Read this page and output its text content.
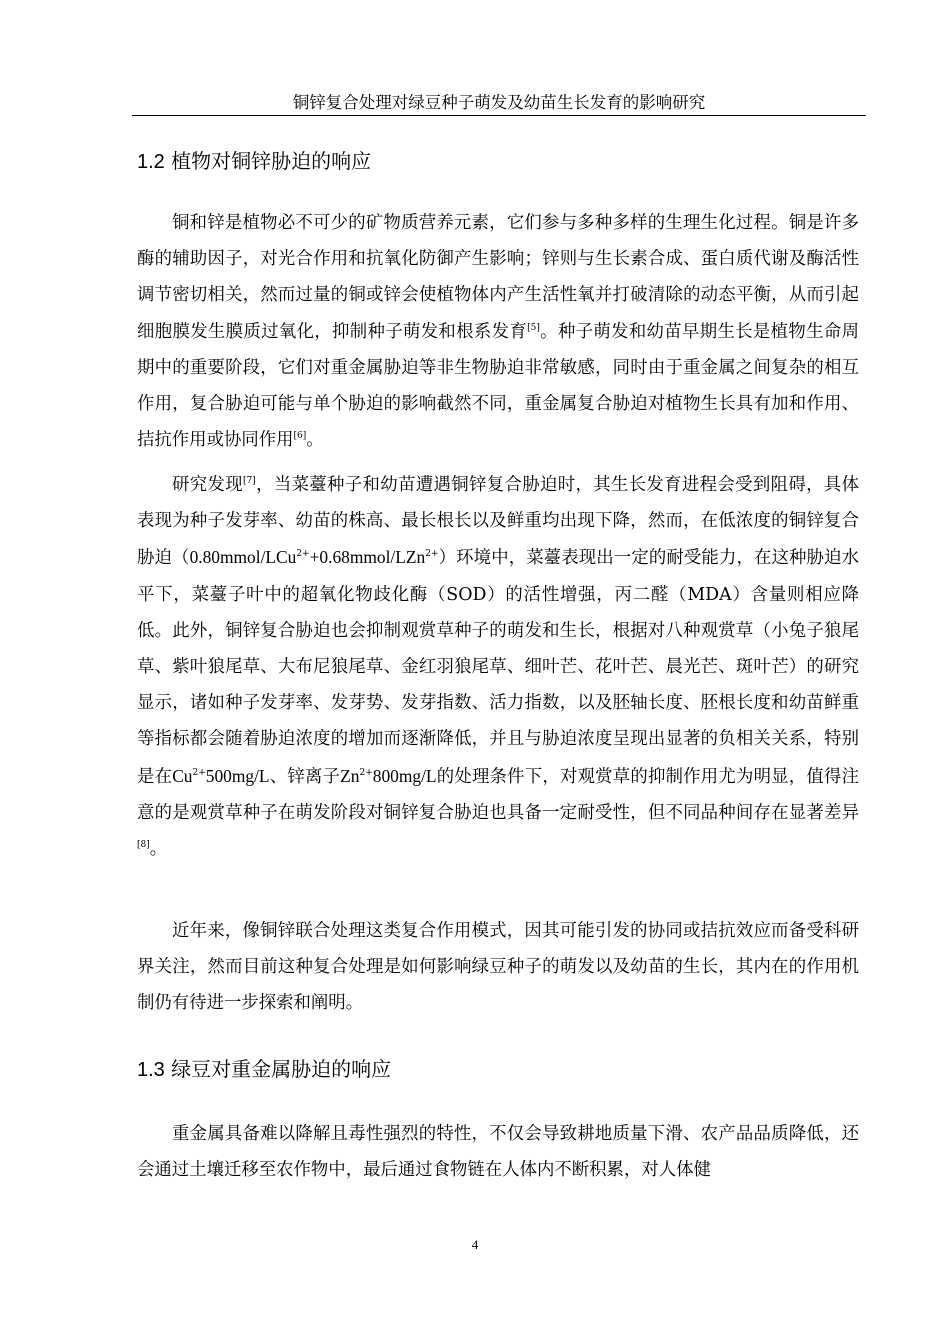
铜锌复合处理对绿豆种子萌发及幼苗生长发育的影响研究
1.2 植物对铜锌胁迫的响应

铜和锌是植物必不可少的矿物质营养元素，它们参与多种多样的生理生化过程。铜是许多酶的辅助因子，对光合作用和抗氧化防御产生影响；锌则与生长素合成、蛋白质代谢及酶活性调节密切相关，然而过量的铜或锌会使植物体内产生活性氧并打破清除的动态平衡，从而引起细胞膜发生膜质过氧化，抑制种子萌发和根系发育[5]。种子萌发和幼苗早期生长是植物生命周期中的重要阶段，它们对重金属胁迫等非生物胁迫非常敏感，同时由于重金属之间复杂的相互作用，复合胁迫可能与单个胁迫的影响截然不同，重金属复合胁迫对植物生长具有加和作用、拮抗作用或协同作用[6]。

研究发现[7]，当菜薹种子和幼苗遭遇铜锌复合胁迫时，其生长发育进程会受到阻碍，具体表现为种子发芽率、幼苗的株高、最长根长以及鲜重均出现下降，然而，在低浓度的铜锌复合胁迫（0.80mmol/LCu$^{2+}$+0.68mmol/LZn$^{2+}$）环境中，菜薹表现出一定的耐受能力，在这种胁迫水平下，菜薹子叶中的超氧化物歧化酶（SOD）的活性增强，丙二醛（MDA）含量则相应降低。此外，铜锌复合胁迫也会抑制观赏草种子的萌发和生长，根据对八种观赏草（小兔子狼尾草、紫叶狼尾草、大布尼狼尾草、金红羽狼尾草、细叶芒、花叶芒、晨光芒、斑叶芒）的研究显示，诸如种子发芽率、发芽势、发芽指数、活力指数，以及胚轴长度、胚根长度和幼苗鲜重等指标都会随着胁迫浓度的增加而逐渐降低，并且与胁迫浓度呈现出显著的负相关关系，特别是在$Cu^{2+}500mg/L$、锌离子$Zn^{2+}800mg/L$的处理条件下，对观赏草的抑制作用尤为明显，值得注意的是观赏草种子在萌发阶段对铜锌复合胁迫也具备一定耐受性，但不同品种间存在显著差异[8]。

近年来，像铜锌联合处理这类复合作用模式，因其可能引发的协同或拮抗效应而备受科研界关注，然而目前这种复合处理是如何影响绿豆种子的萌发以及幼苗的生长，其内在的作用机制仍有待进一步探索和阐明。

1.3 绿豆对重金属胁迫的响应

重金属具备难以降解且毒性强烈的特性，不仅会导致耕地质量下滑、农产品品质降低，还会通过土壤迁移至农作物中，最后通过食物链在人体内不断积累，对人体健

4
